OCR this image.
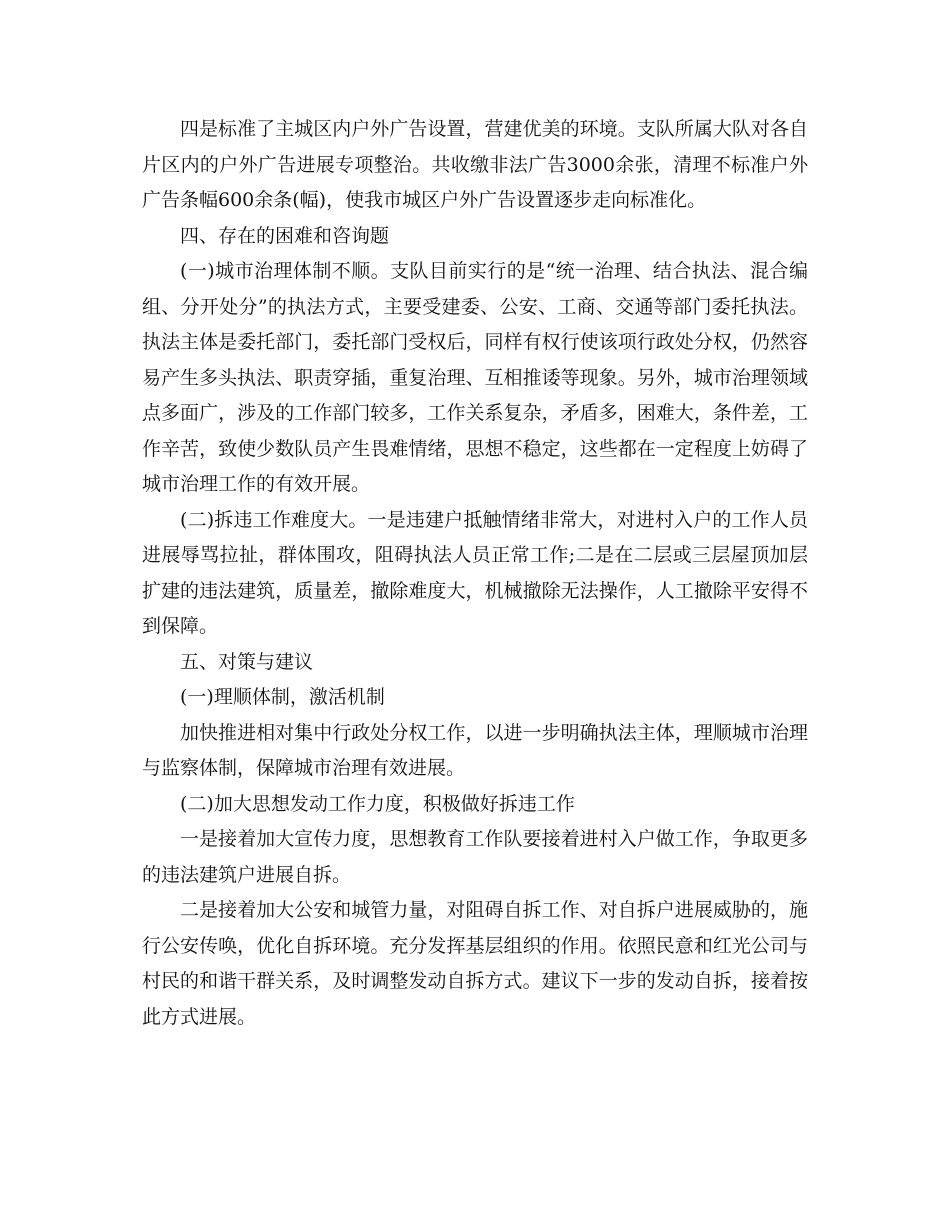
四是标准了主城区内户外广告设置，营建优美的环境。支队所属大队对各自片区内的户外广告进展专项整治。共收缴非法广告3000余张，清理不标准户外广告条幅600余条(幅)，使我市城区户外广告设置逐步走向标准化。

四、存在的困难和咨询题

(一)城市治理体制不顺。支队目前实行的是“统一治理、结合执法、混合编组、分开处分”的执法方式，主要受建委、公安、工商、交通等部门委托执法。执法主体是委托部门，委托部门受权后，同样有权行使该项行政处分权，仍然容易产生多头执法、职责穿插，重复治理、互相推诿等现象。另外，城市治理领域点多面广，涉及的工作部门较多，工作关系复杂，矛盾多，困难大，条件差，工作辛苦，致使少数队员产生畏难情绪，思想不稳定，这些都在一定程度上妨碍了城市治理工作的有效开展。

(二)拆违工作难度大。一是违建户抵触情绪非常大，对进村入户的工作人员进展辱骂拉扯，群体围攻，阻碍执法人员正常工作;二是在二层或三层屋顶加层扩建的违法建筑，质量差，撤除难度大，机械撤除无法操作，人工撤除平安得不到保障。

五、对策与建议

(一)理顺体制，激活机制

加快推进相对集中行政处分权工作，以进一步明确执法主体，理顺城市治理与监察体制，保障城市治理有效进展。

(二)加大思想发动工作力度，积极做好拆违工作

一是接着加大宣传力度，思想教育工作队要接着进村入户做工作，争取更多的违法建筑户进展自拆。

二是接着加大公安和城管力量，对阻碍自拆工作、对自拆户进展威胁的，施行公安传唤，优化自拆环境。充分发挥基层组织的作用。依照民意和红光公司与村民的和谐干群关系，及时调整发动自拆方式。建议下一步的发动自拆，接着按此方式进展。
